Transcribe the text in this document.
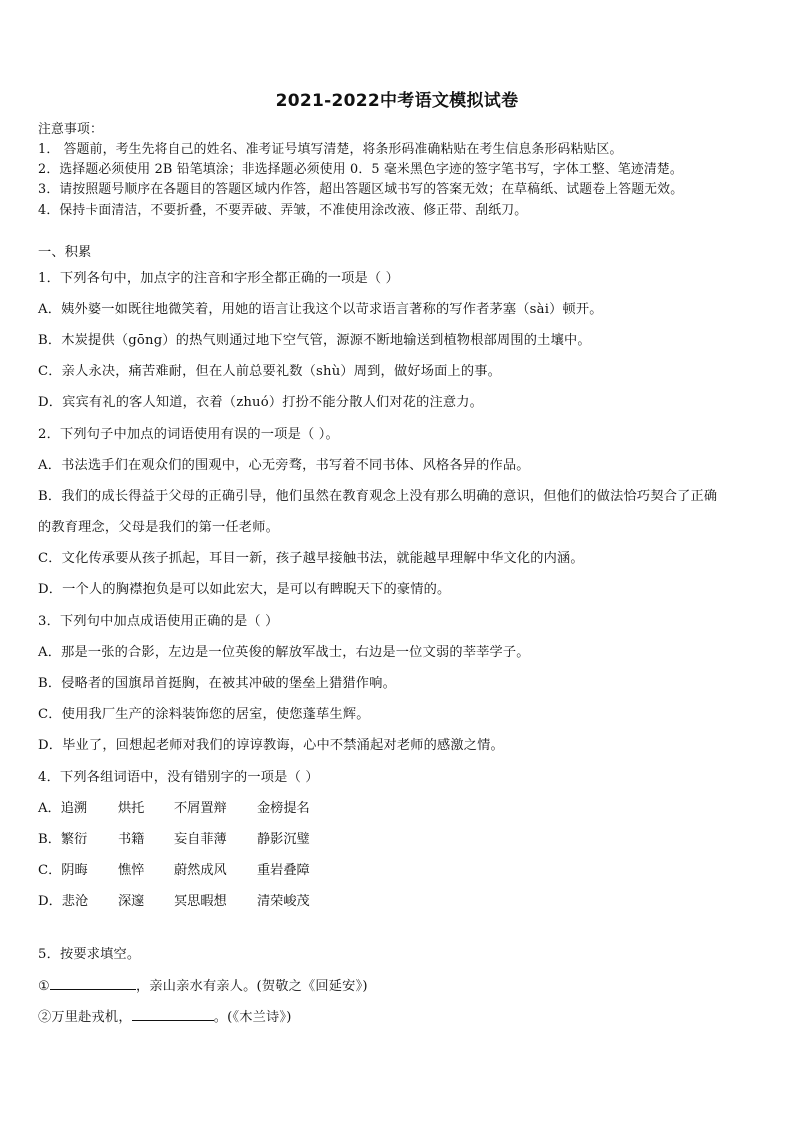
2021-2022中考语文模拟试卷
注意事项：
1． 答题前，考生先将自己的姓名、准考证号填写清楚，将条形码准确粘贴在考生信息条形码粘贴区。
2．选择题必须使用 2B 铅笔填涂；非选择题必须使用 0．5 毫米黑色字迹的签字笔书写，字体工整、笔迹清楚。
3．请按照题号顺序在各题目的答题区域内作答，超出答题区域书写的答案无效；在草稿纸、试题卷上答题无效。
4．保持卡面清洁，不要折叠，不要弄破、弄皱，不准使用涂改液、修正带、刮纸刀。
一、积累
1．下列各句中，加点字的注音和字形全都正确的一项是（ ）
A．姨外婆一如既往地微笑着，用她的语言让我这个以苛求语言著称的写作者茅塞（sài）顿开。
B．木炭提供（gōng）的热气则通过地下空气管，源源不断地输送到植物根部周围的土壤中。
C．亲人永决，痛苦难耐，但在人前总要礼数（shù）周到，做好场面上的事。
D．宾宾有礼的客人知道，衣着（zhuó）打扮不能分散人们对花的注意力。
2．下列句子中加点的词语使用有误的一项是（ ）。
A．书法选手们在观众们的围观中，心无旁骛，书写着不同书体、风格各异的作品。
B．我们的成长得益于父母的正确引导，他们虽然在教育观念上没有那么明确的意识，但他们的做法恰巧契合了正确
的教育理念，父母是我们的第一任老师。
C．文化传承要从孩子抓起，耳目一新，孩子越早接触书法，就能越早理解中华文化的内涵。
D．一个人的胸襟抱负是可以如此宏大，是可以有睥睨天下的豪情的。
3．下列句中加点成语使用正确的是（ ）
A．那是一张的合影，左边是一位英俊的解放军战士，右边是一位文弱的莘莘学子。
B．侵略者的国旗昂首挺胸，在被其冲破的堡垒上猎猎作响。
C．使用我厂生产的涂料装饰您的居室，使您蓬荜生辉。
D．毕业了，回想起老师对我们的谆谆教诲，心中不禁涌起对老师的感激之情。
4．下列各组词语中，没有错别字的一项是（ ）
A．追溯 烘托 不屑置辩 金榜提名
B．繁衍 书籍 妄自菲薄 静影沉璧
C．阴晦 憔悴 蔚然成风 重岩叠障
D．悲沧 深邃 冥思暇想 清荣峻茂
5．按要求填空。
①	，亲山亲水有亲人。(贺敬之《回延安》)
②万里赴戎机，	。(《木兰诗》)
